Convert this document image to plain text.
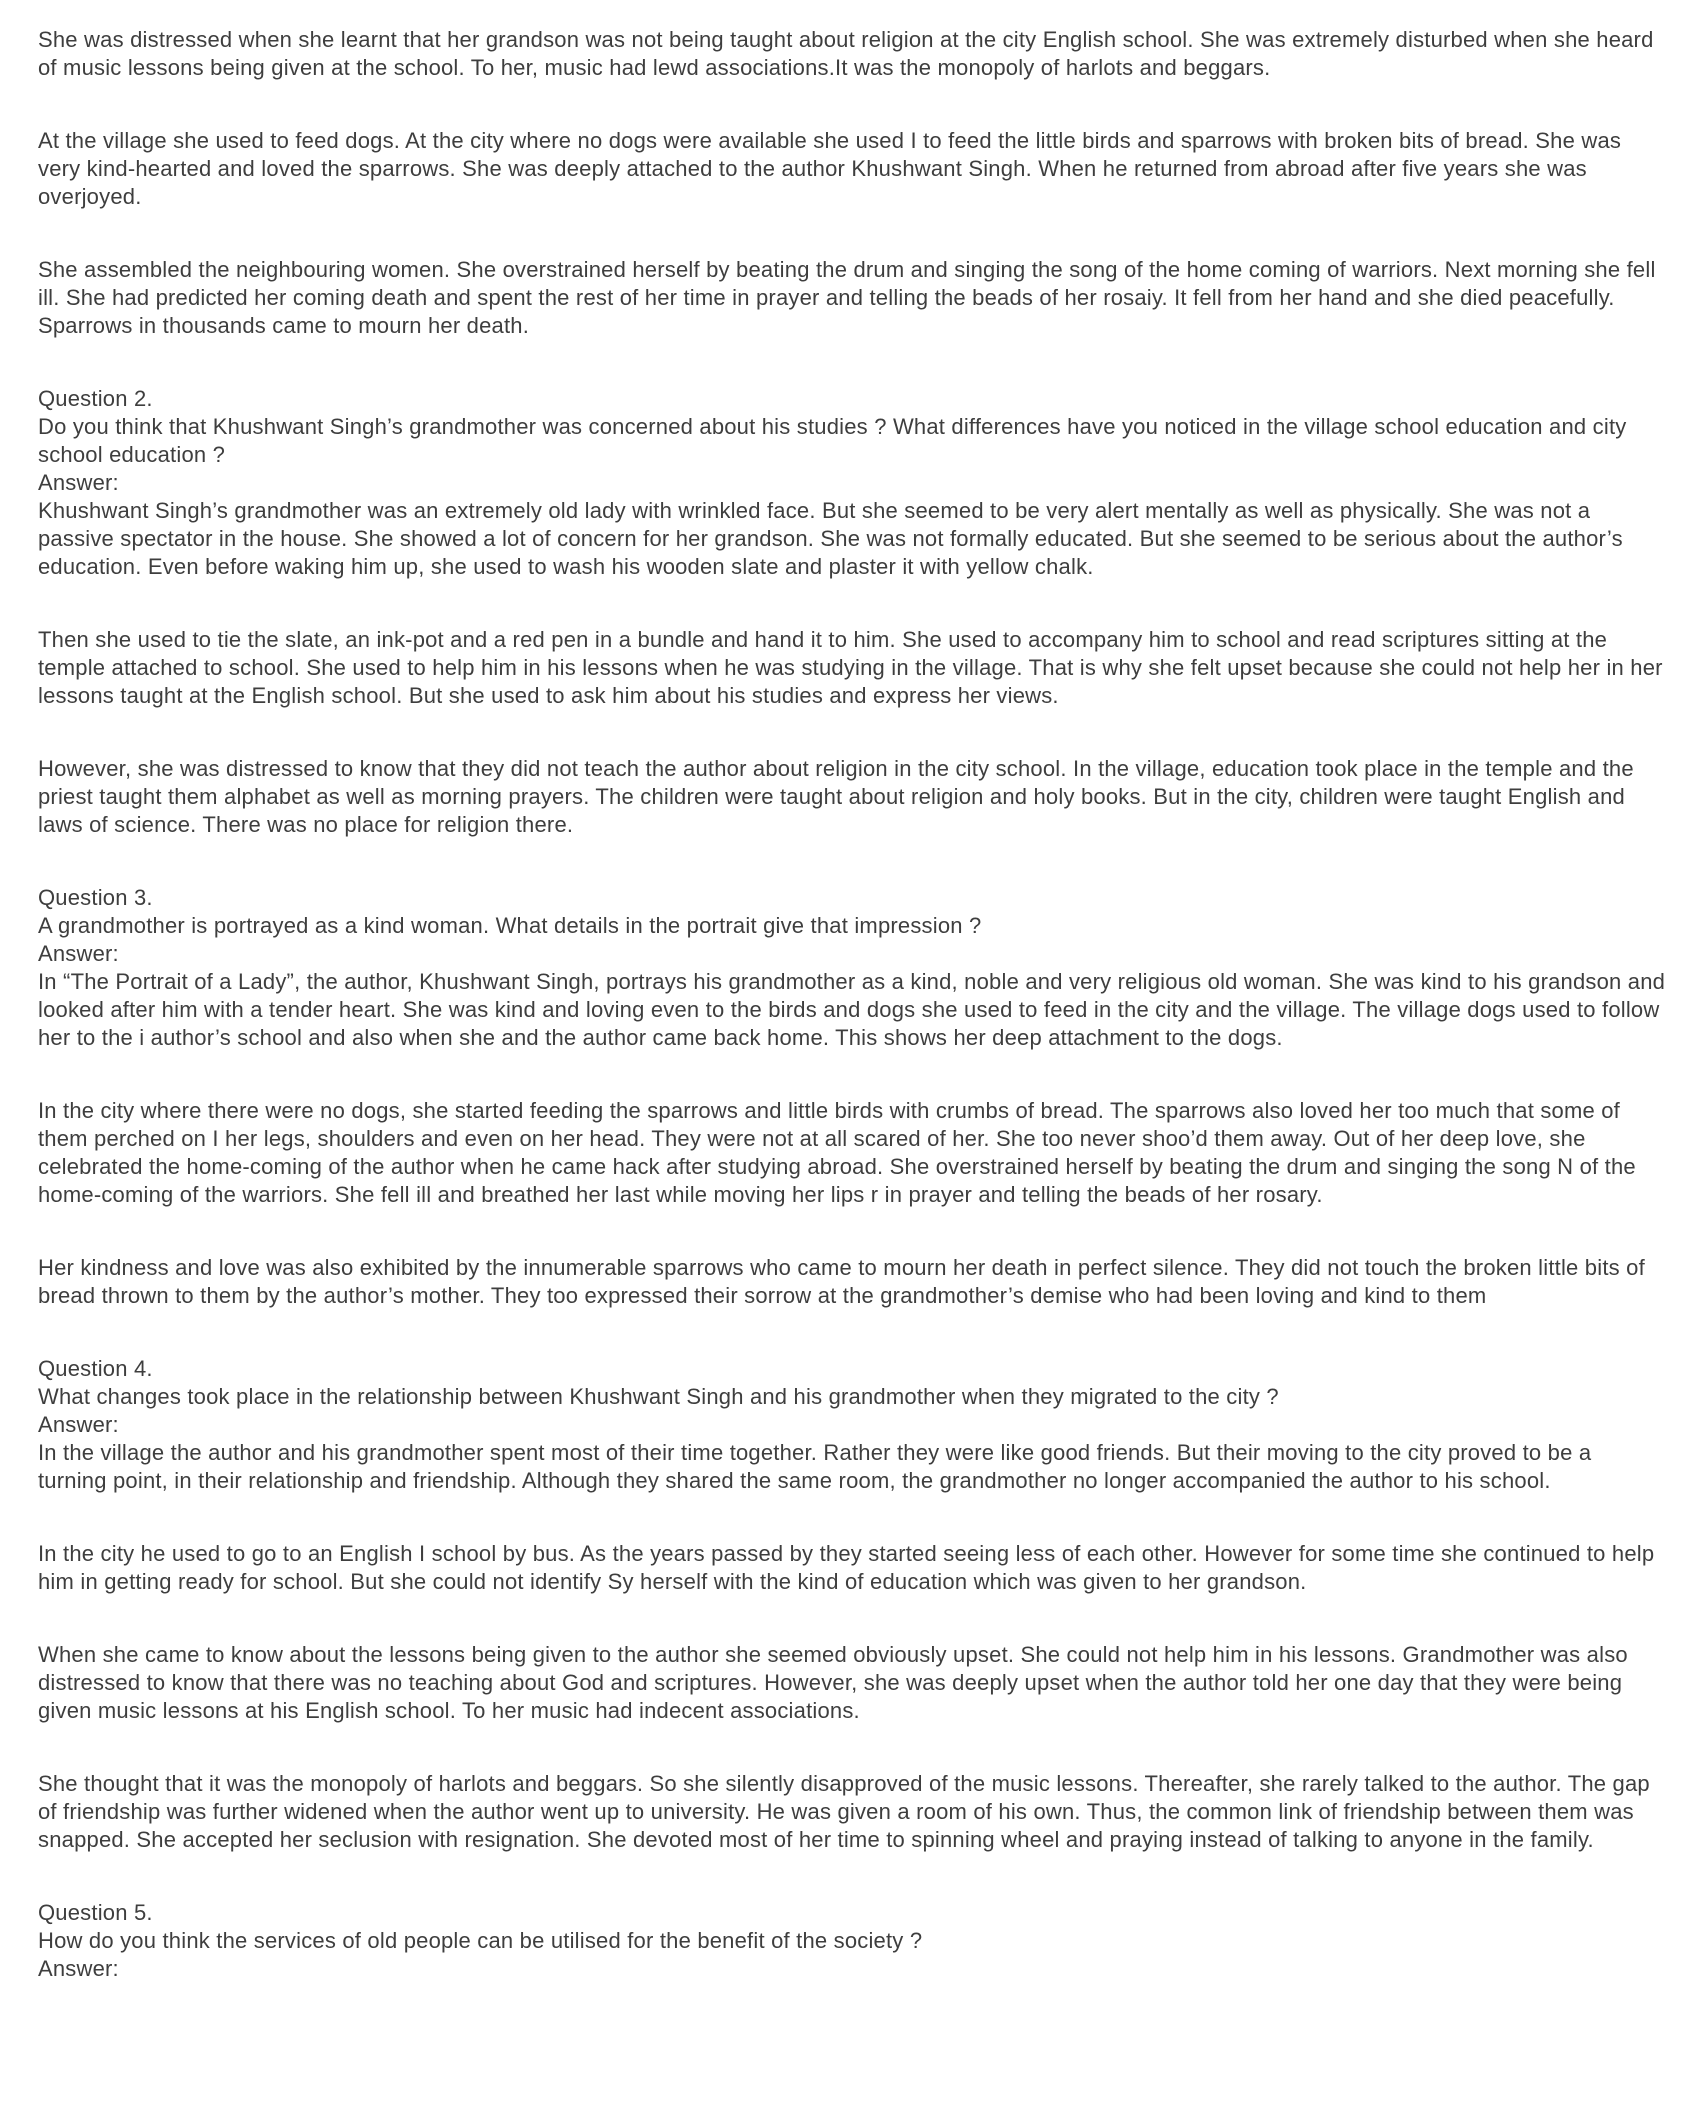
She was distressed when she learnt that her grandson was not being taught about religion at the city English school. She was extremely disturbed when she heard of music lessons being given at the school. To her, music had lewd associations.It was the monopoly of harlots and beggars.

At the village she used to feed dogs. At the city where no dogs were available she used I to feed the little birds and sparrows with broken bits of bread. She was very kind-hearted and loved the sparrows. She was deeply attached to the author Khushwant Singh. When he returned from abroad after five years she was overjoyed.

She assembled the neighbouring women. She overstrained herself by beating the drum and singing the song of the home coming of warriors. Next morning she fell ill. She had predicted her coming death and spent the rest of her time in prayer and telling the beads of her rosaiy. It fell from her hand and she died peacefully. Sparrows in thousands came to mourn her death.

Question 2.
Do you think that Khushwant Singh’s grandmother was concerned about his studies ? What differences have you noticed in the village school education and city school education ?
Answer:
Khushwant Singh’s grandmother was an extremely old lady with wrinkled face. But she seemed to be very alert mentally as well as physically. She was not a passive spectator in the house. She showed a lot of concern for her grandson. She was not formally educated. But she seemed to be serious about the author’s education. Even before waking him up, she used to wash his wooden slate and plaster it with yellow chalk.

Then she used to tie the slate, an ink-pot and a red pen in a bundle and hand it to him. She used to accompany him to school and read scriptures sitting at the temple attached to school. She used to help him in his lessons when he was studying in the village. That is why she felt upset because she could not help her in her lessons taught at the English school. But she used to ask him about his studies and express her views.

However, she was distressed to know that they did not teach the author about religion in the city school. In the village, education took place in the temple and the priest taught them alphabet as well as morning prayers. The children were taught about religion and holy books. But in the city, children were taught English and laws of science. There was no place for religion there.

Question 3.
A grandmother is portrayed as a kind woman. What details in the portrait give that impression ?
Answer:
In “The Portrait of a Lady”, the author, Khushwant Singh, portrays his grandmother as a kind, noble and very religious old woman. She was kind to his grandson and looked after him with a tender heart. She was kind and loving even to the birds and dogs she used to feed in the city and the village. The village dogs used to follow her to the i author’s school and also when she and the author came back home. This shows her deep attachment to the dogs.

In the city where there were no dogs, she started feeding the sparrows and little birds with crumbs of bread. The sparrows also loved her too much that some of them perched on I her legs, shoulders and even on her head. They were not at all scared of her. She too never shoo’d them away. Out of her deep love, she celebrated the home-coming of the author when he came hack after studying abroad. She overstrained herself by beating the drum and singing the song N of the home-coming of the warriors. She fell ill and breathed her last while moving her lips r in prayer and telling the beads of her rosary.

Her kindness and love was also exhibited by the innumerable sparrows who came to mourn her death in perfect silence. They did not touch the broken little bits of bread thrown to them by the author’s mother. They too expressed their sorrow at the grandmother’s demise who had been loving and kind to them

Question 4.
What changes took place in the relationship between Khushwant Singh and his grandmother when they migrated to the city ?
Answer:
In the village the author and his grandmother spent most of their time together. Rather they were like good friends. But their moving to the city proved to be a turning point, in their relationship and friendship. Although they shared the same room, the grandmother no longer accompanied the author to his school.

In the city he used to go to an English I school by bus. As the years passed by they started seeing less of each other. However for some time she continued to help him in getting ready for school. But she could not identify Sy herself with the kind of education which was given to her grandson.

When she came to know about the lessons being given to the author she seemed obviously upset. She could not help him in his lessons. Grandmother was also distressed to know that there was no teaching about God and scriptures. However, she was deeply upset when the author told her one day that they were being given music lessons at his English school. To her music had indecent associations.

She thought that it was the monopoly of harlots and beggars. So she silently disapproved of the music lessons. Thereafter, she rarely talked to the author. The gap of friendship was further widened when the author went up to university. He was given a room of his own. Thus, the common link of friendship between them was snapped. She accepted her seclusion with resignation. She devoted most of her time to spinning wheel and praying instead of talking to anyone in the family.

Question 5.
How do you think the services of old people can be utilised for the benefit of the society ?
Answer:
